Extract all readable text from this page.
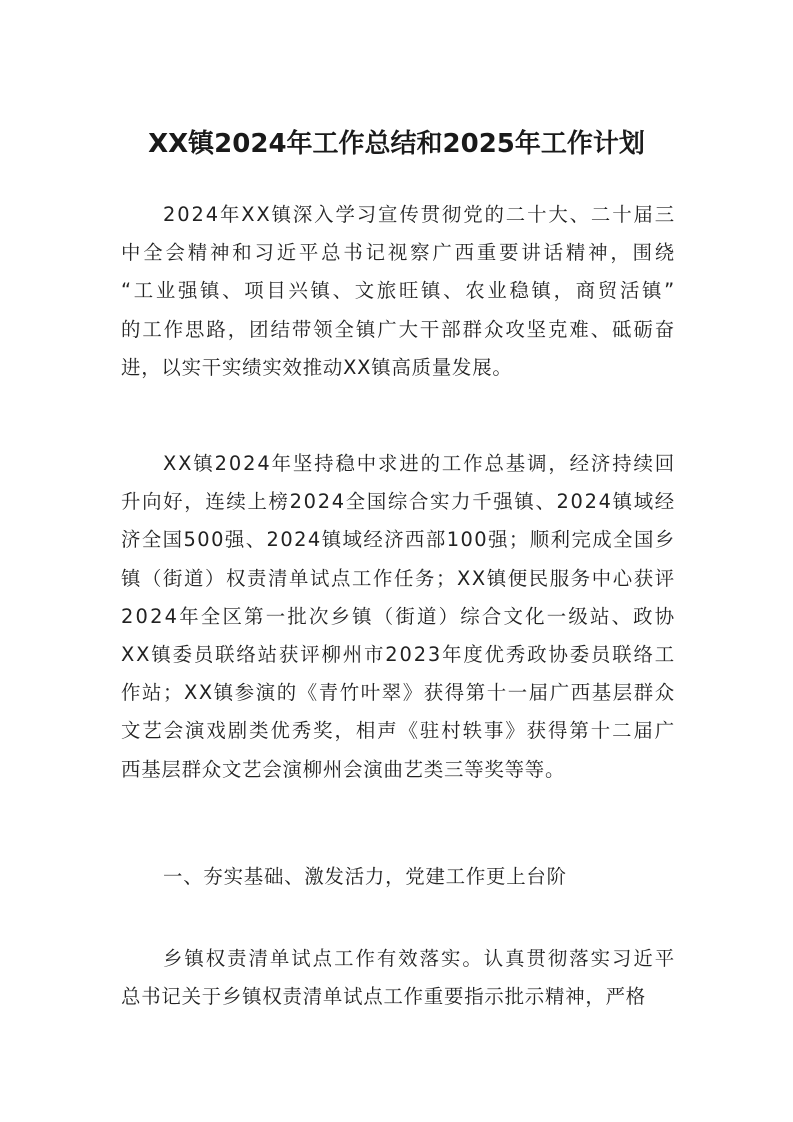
XX镇2024年工作总结和2025年工作计划
2024年XX镇深入学习宣传贯彻党的二十大、二十届三
中全会精神和习近平总书记视察广西重要讲话精神，围绕
“工业强镇、项目兴镇、文旅旺镇、农业稳镇，商贸活镇”
的工作思路，团结带领全镇广大干部群众攻坚克难、砥砺奋
进，以实干实绩实效推动XX镇高质量发展。
XX镇2024年坚持稳中求进的工作总基调，经济持续回
升向好，连续上榜2024全国综合实力千强镇、2024镇域经
济全国500强、2024镇域经济西部100强；顺利完成全国乡
镇（街道）权责清单试点工作任务；XX镇便民服务中心获评
2024年全区第一批次乡镇（街道）综合文化一级站、政协
XX镇委员联络站获评柳州市2023年度优秀政协委员联络工
作站；XX镇参演的《青竹叶翠》获得第十一届广西基层群众
文艺会演戏剧类优秀奖，相声《驻村轶事》获得第十二届广
西基层群众文艺会演柳州会演曲艺类三等奖等等。
一、夯实基础、激发活力，党建工作更上台阶
乡镇权责清单试点工作有效落实。认真贯彻落实习近平
总书记关于乡镇权责清单试点工作重要指示批示精神，严格
